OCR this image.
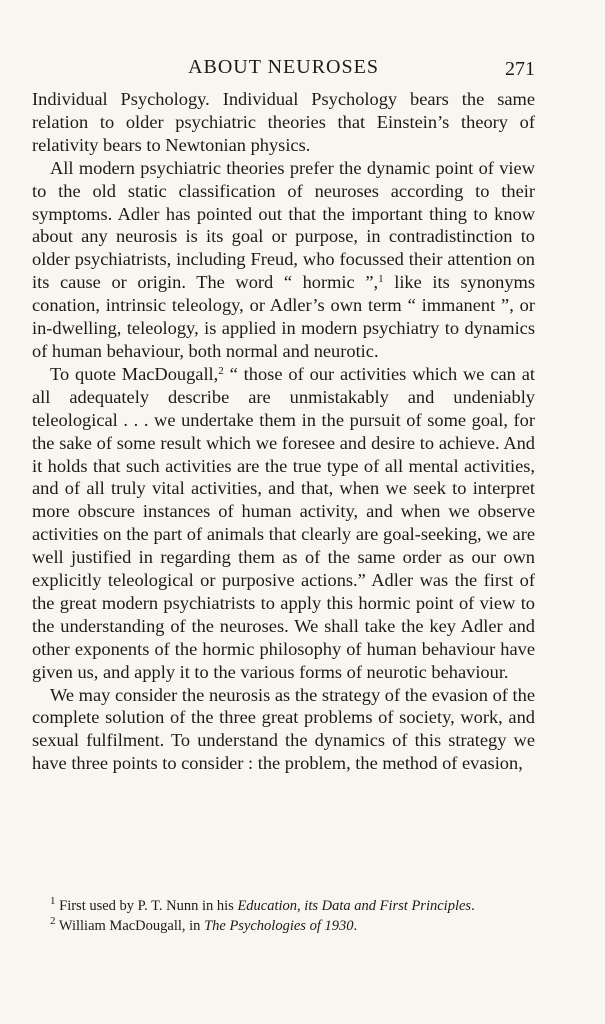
ABOUT NEUROSES	271

Individual Psychology. Individual Psychology bears the same relation to older psychiatric theories that Einstein’s theory of relativity bears to Newtonian physics.

All modern psychiatric theories prefer the dynamic point of view to the old static classification of neuroses according to their symptoms. Adler has pointed out that the important thing to know about any neurosis is its goal or purpose, in contradistinction to older psychiatrists, including Freud, who focussed their attention on its cause or origin. The word “ hormic ”,$^1$ like its synonyms conation, intrinsic teleology, or Adler’s own term “ immanent ”, or in-dwelling, teleology, is applied in modern psychiatry to dynamics of human behaviour, both normal and neurotic.

To quote MacDougall,$^2$ “ those of our activities which we can at all adequately describe are unmistakably and undeniably teleological . . . we undertake them in the pursuit of some goal, for the sake of some result which we foresee and desire to achieve. And it holds that such activities are the true type of all mental activities, and of all truly vital activities, and that, when we seek to interpret more obscure instances of human activity, and when we observe activities on the part of animals that clearly are goal-seeking, we are well justified in regarding them as of the same order as our own explicitly teleological or purposive actions.” Adler was the first of the great modern psychiatrists to apply this hormic point of view to the understanding of the neuroses. We shall take the key Adler and other exponents of the hormic philosophy of human behaviour have given us, and apply it to the various forms of neurotic behaviour.

We may consider the neurosis as the strategy of the evasion of the complete solution of the three great problems of society, work, and sexual fulfilment. To understand the dynamics of this strategy we have three points to consider : the problem, the method of evasion,

$^1$ First used by P. T. Nunn in his Education, its Data and First Principles.

$^2$ William MacDougall, in The Psychologies of 1930.
